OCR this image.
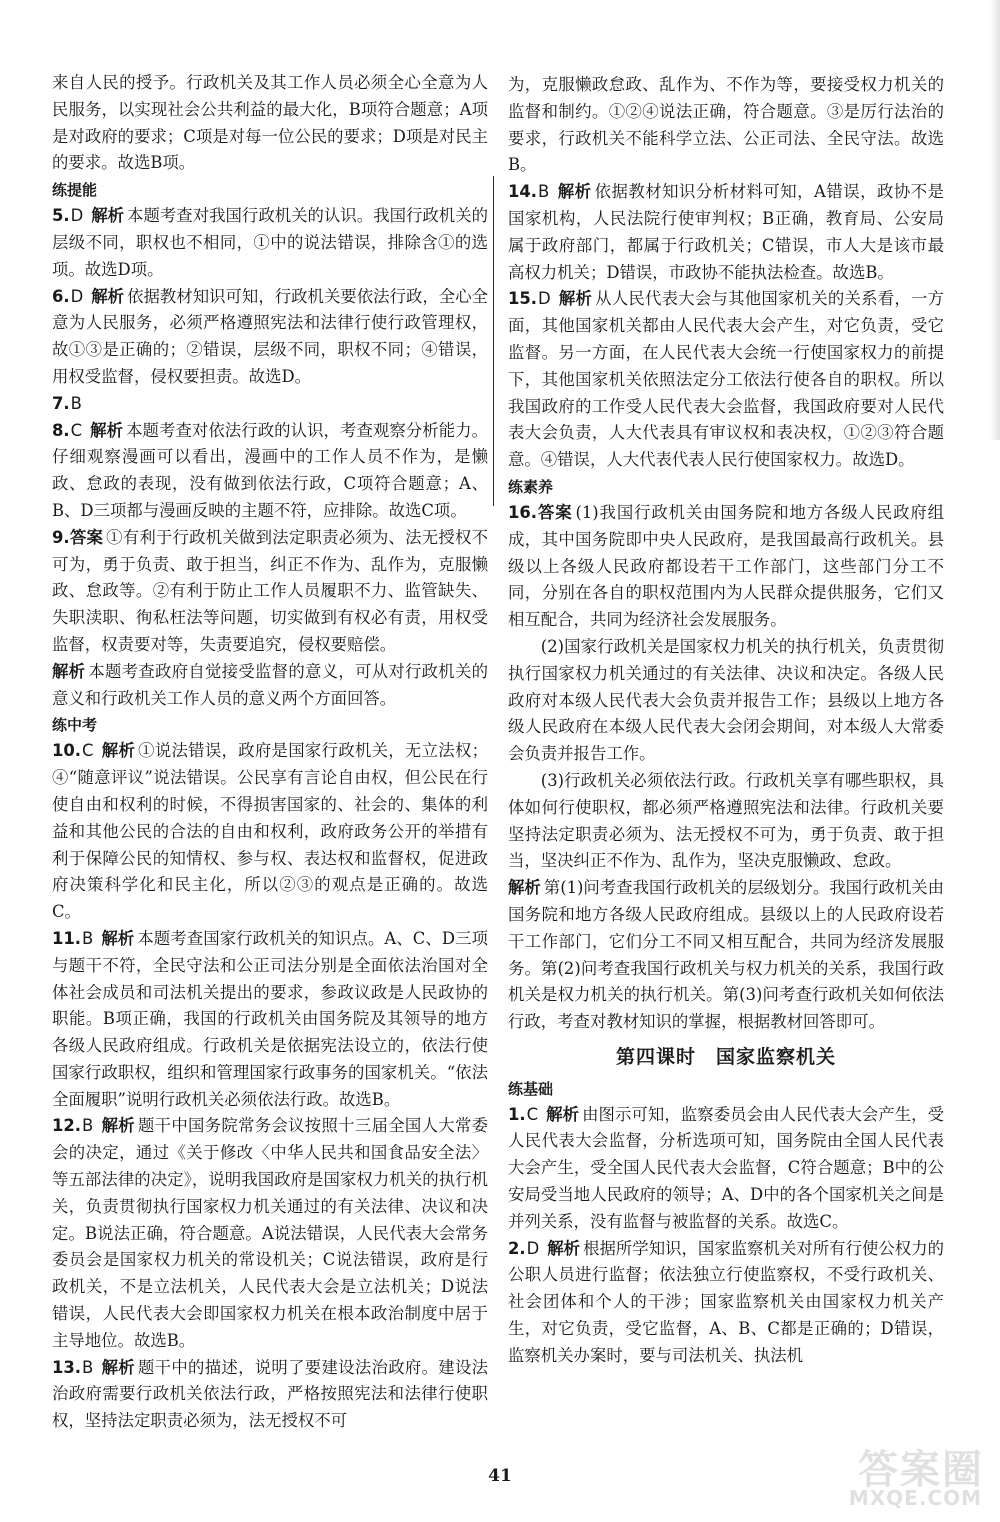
来自人民的授予。行政机关及其工作人员必须全心全意为人民服务，以实现社会公共利益的最大化，B项符合题意；A项是对政府的要求；C项是对每一位公民的要求；D项是对民主的要求。故选B项。

练提能

5.D 解析 本题考查对我国行政机关的认识。我国行政机关的层级不同，职权也不相同，①中的说法错误，排除含①的选项。故选D项。

6.D 解析 依据教材知识可知，行政机关要依法行政，全心全意为人民服务，必须严格遵照宪法和法律行使行政管理权，故①③是正确的；②错误，层级不同，职权不同；④错误，用权受监督，侵权要担责。故选D。

7.B

8.C 解析 本题考查对依法行政的认识，考查观察分析能力。仔细观察漫画可以看出，漫画中的工作人员不作为，是懒政、怠政的表现，没有做到依法行政，C项符合题意；A、B、D三项都与漫画反映的主题不符，应排除。故选C项。

9.答案 ①有利于行政机关做到法定职责必须为、法无授权不可为，勇于负责、敢于担当，纠正不作为、乱作为，克服懒政、怠政等。②有利于防止工作人员履职不力、监管缺失、失职渎职、徇私枉法等问题，切实做到有权必有责，用权受监督，权责要对等，失责要追究，侵权要赔偿。

解析 本题考查政府自觉接受监督的意义，可从对行政机关的意义和行政机关工作人员的意义两个方面回答。

练中考

10.C 解析 ①说法错误，政府是国家行政机关，无立法权；④“随意评议”说法错误。公民享有言论自由权，但公民在行使自由和权利的时候，不得损害国家的、社会的、集体的利益和其他公民的合法的自由和权利，政府政务公开的举措有利于保障公民的知情权、参与权、表达权和监督权，促进政府决策科学化和民主化，所以②③的观点是正确的。故选C。

11.B 解析 本题考查国家行政机关的知识点。A、C、D三项与题干不符，全民守法和公正司法分别是全面依法治国对全体社会成员和司法机关提出的要求，参政议政是人民政协的职能。B项正确，我国的行政机关由国务院及其领导的地方各级人民政府组成。行政机关是依据宪法设立的，依法行使国家行政职权，组织和管理国家行政事务的国家机关。“依法全面履职”说明行政机关必须依法行政。故选B。

12.B 解析 题干中国务院常务会议按照十三届全国人大常委会的决定，通过《关于修改〈中华人民共和国食品安全法〉等五部法律的决定》，说明我国政府是国家权力机关的执行机关，负责贯彻执行国家权力机关通过的有关法律、决议和决定。B说法正确，符合题意。A说法错误，人民代表大会常务委员会是国家权力机关的常设机关；C说法错误，政府是行政机关，不是立法机关，人民代表大会是立法机关；D说法错误，人民代表大会即国家权力机关在根本政治制度中居于主导地位。故选B。

13.B 解析 题干中的描述，说明了要建设法治政府。建设法治政府需要行政机关依法行政，严格按照宪法和法律行使职权，坚持法定职责必须为，法无授权不可

为，克服懒政怠政、乱作为、不作为等，要接受权力机关的监督和制约。①②④说法正确，符合题意。③是厉行法治的要求，行政机关不能科学立法、公正司法、全民守法。故选B。

14.B 解析 依据教材知识分析材料可知，A错误，政协不是国家机构，人民法院行使审判权；B正确，教育局、公安局属于政府部门，都属于行政机关；C错误，市人大是该市最高权力机关；D错误，市政协不能执法检查。故选B。

15.D 解析 从人民代表大会与其他国家机关的关系看，一方面，其他国家机关都由人民代表大会产生，对它负责，受它监督。另一方面，在人民代表大会统一行使国家权力的前提下，其他国家机关依照法定分工依法行使各自的职权。所以我国政府的工作受人民代表大会监督，我国政府要对人民代表大会负责，人大代表具有审议权和表决权，①②③符合题意。④错误，人大代表代表人民行使国家权力。故选D。

练素养

16.答案 (1)我国行政机关由国务院和地方各级人民政府组成，其中国务院即中央人民政府，是我国最高行政机关。县级以上各级人民政府都设若干工作部门，这些部门分工不同，分别在各自的职权范围内为人民群众提供服务，它们又相互配合，共同为经济社会发展服务。

(2)国家行政机关是国家权力机关的执行机关，负责贯彻执行国家权力机关通过的有关法律、决议和决定。各级人民政府对本级人民代表大会负责并报告工作；县级以上地方各级人民政府在本级人民代表大会闭会期间，对本级人大常委会负责并报告工作。

(3)行政机关必须依法行政。行政机关享有哪些职权，具体如何行使职权，都必须严格遵照宪法和法律。行政机关要坚持法定职责必须为、法无授权不可为，勇于负责、敢于担当，坚决纠正不作为、乱作为，坚决克服懒政、怠政。

解析 第(1)问考查我国行政机关的层级划分。我国行政机关由国务院和地方各级人民政府组成。县级以上的人民政府设若干工作部门，它们分工不同又相互配合，共同为经济发展服务。第(2)问考查我国行政机关与权力机关的关系，我国行政机关是权力机关的执行机关。第(3)问考查行政机关如何依法行政，考查对教材知识的掌握，根据教材回答即可。

第四课时　国家监察机关
练基础

1.C 解析 由图示可知，监察委员会由人民代表大会产生，受人民代表大会监督，分析选项可知，国务院由全国人民代表大会产生，受全国人民代表大会监督，C符合题意；B中的公安局受当地人民政府的领导；A、D中的各个国家机关之间是并列关系，没有监督与被监督的关系。故选C。

2.D 解析 根据所学知识，国家监察机关对所有行使公权力的公职人员进行监督；依法独立行使监察权，不受行政机关、社会团体和个人的干涉；国家监察机关由国家权力机关产生，对它负责，受它监督，A、B、C都是正确的；D错误，监察机关办案时，要与司法机关、执法机

41	答案圈
MXQE.COM
